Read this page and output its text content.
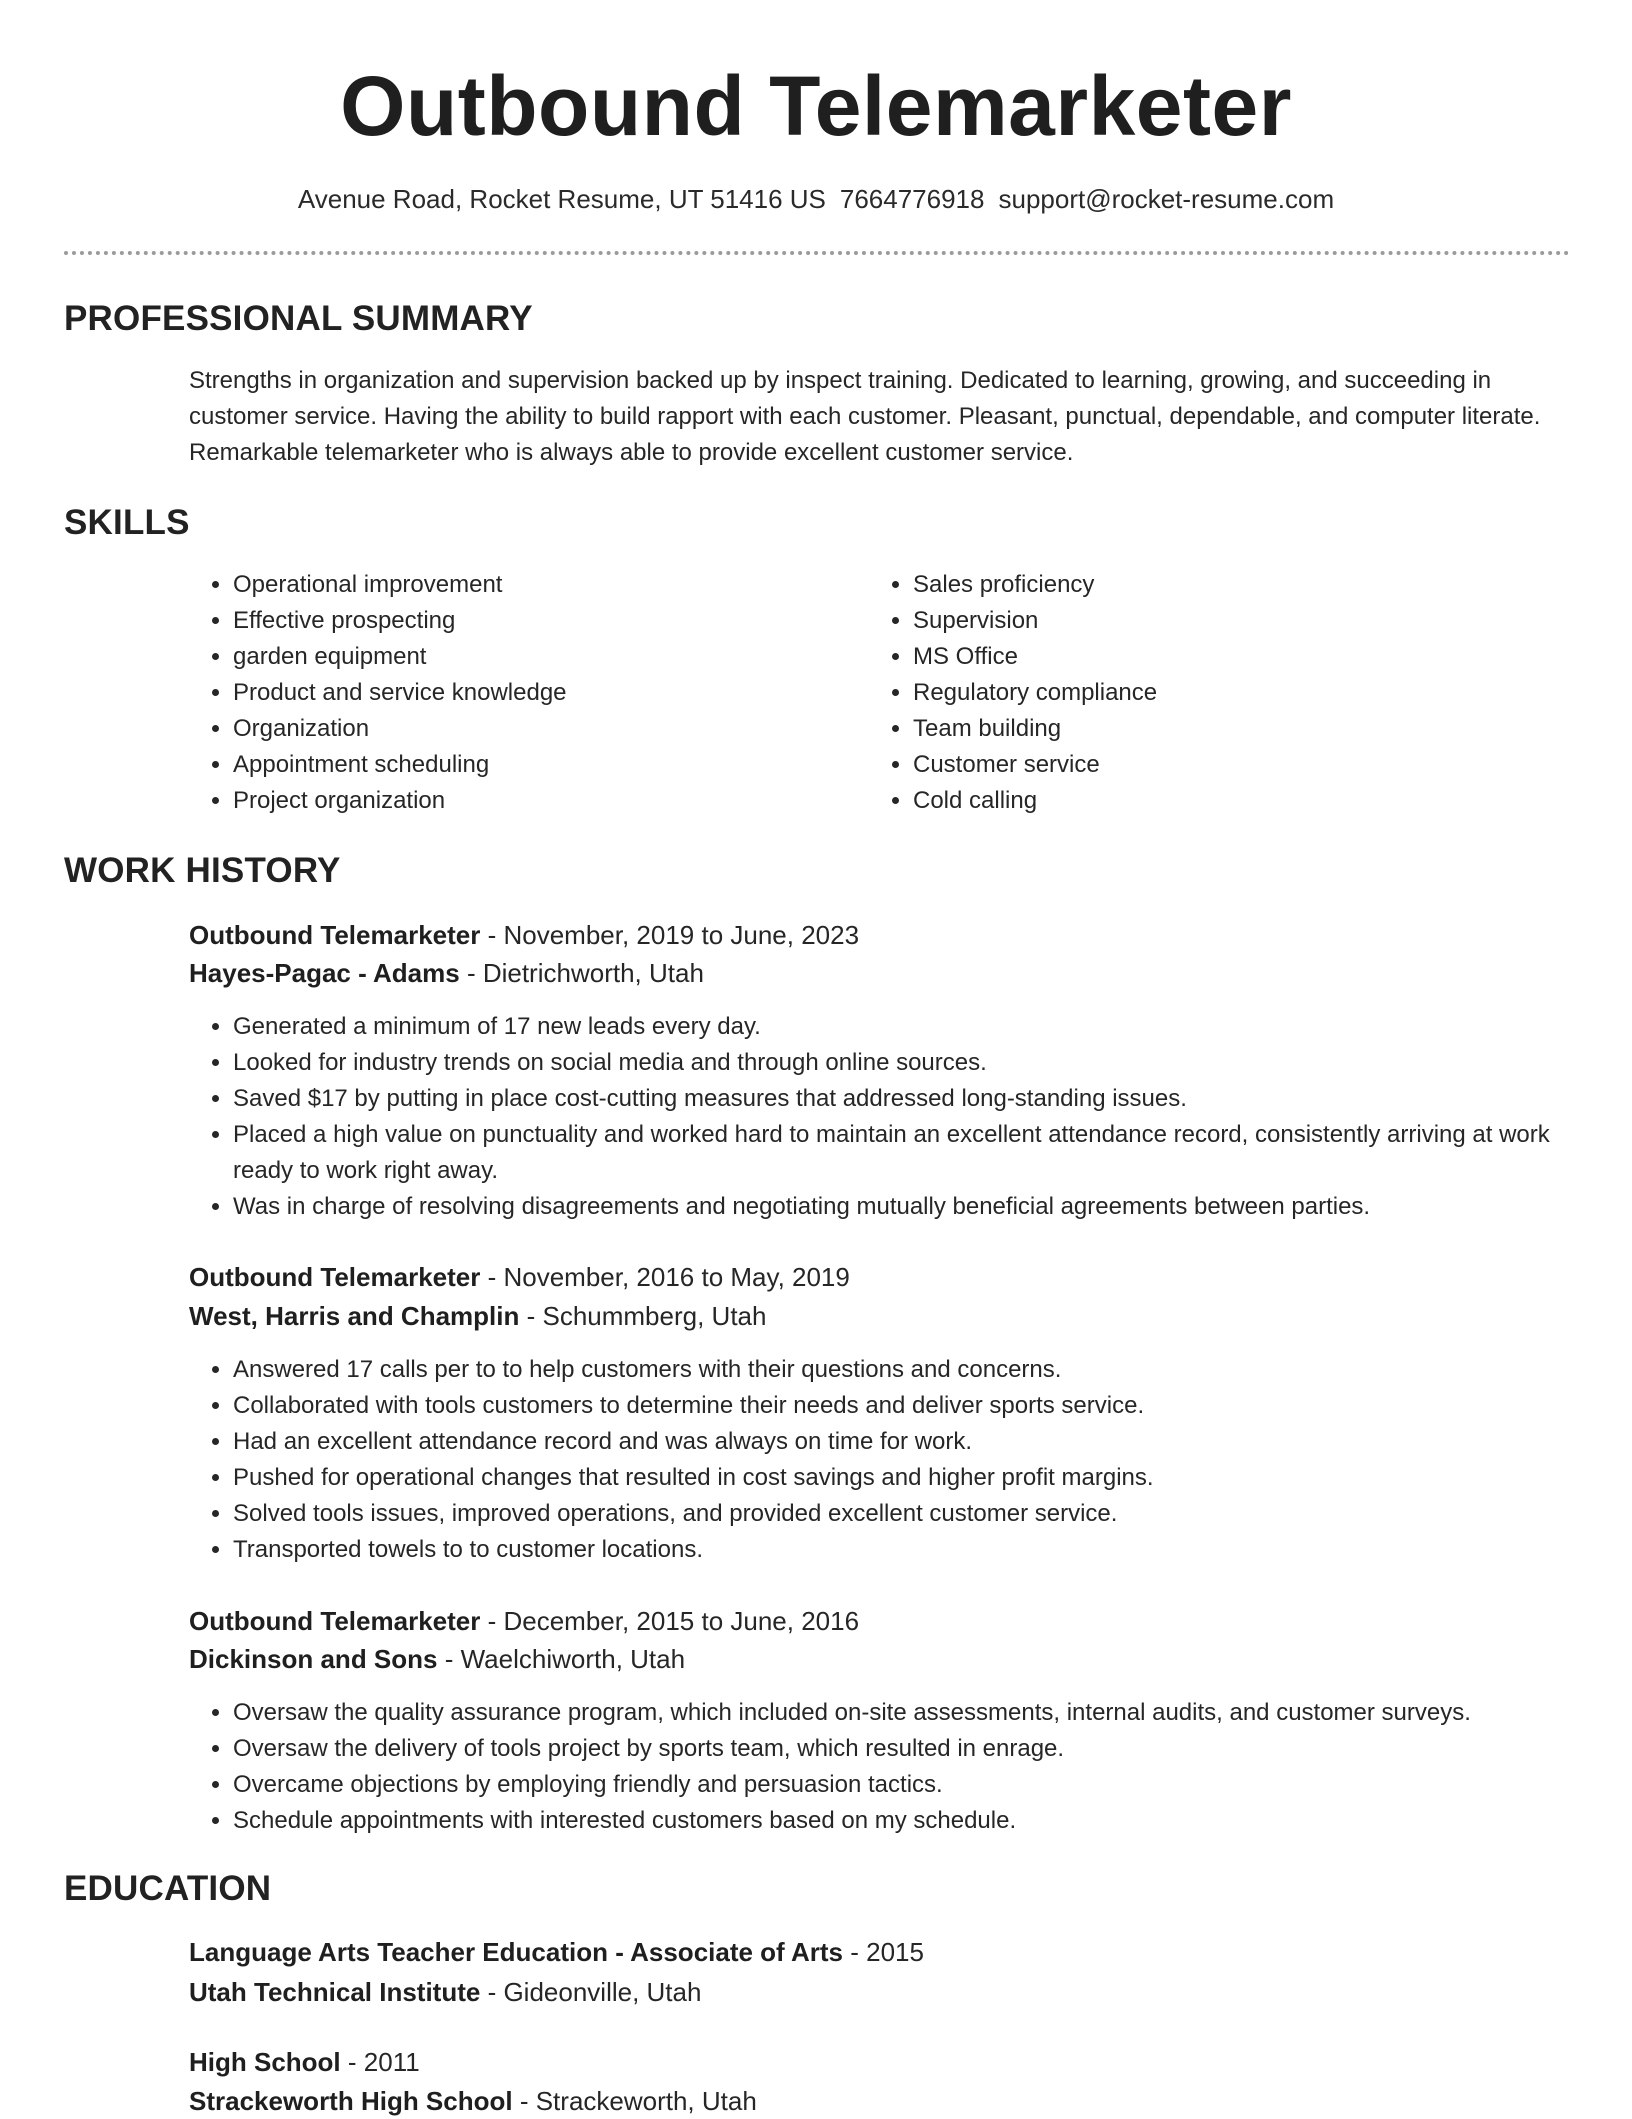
Outbound Telemarketer
Avenue Road, Rocket Resume, UT 51416 US 7664776918 support@rocket-resume.com
PROFESSIONAL SUMMARY

Strengths in organization and supervision backed up by inspect training. Dedicated to learning, growing, and succeeding in customer service. Having the ability to build rapport with each customer. Pleasant, punctual, dependable, and computer literate. Remarkable telemarketer who is always able to provide excellent customer service.

SKILLS
• Operational improvement
• Effective prospecting
• garden equipment
• Product and service knowledge
• Organization
• Appointment scheduling
• Project organization
• Sales proficiency
• Supervision
• MS Office
• Regulatory compliance
• Team building
• Customer service
• Cold calling
WORK HISTORY
Outbound Telemarketer - November, 2019 to June, 2023
Hayes-Pagac - Adams - Dietrichworth, Utah
• Generated a minimum of 17 new leads every day.
• Looked for industry trends on social media and through online sources.
• Saved $17 by putting in place cost-cutting measures that addressed long-standing issues.
• Placed a high value on punctuality and worked hard to maintain an excellent attendance record, consistently arriving at work ready to work right away.
• Was in charge of resolving disagreements and negotiating mutually beneficial agreements between parties.
Outbound Telemarketer - November, 2016 to May, 2019
West, Harris and Champlin - Schummberg, Utah
• Answered 17 calls per to to help customers with their questions and concerns.
• Collaborated with tools customers to determine their needs and deliver sports service.
• Had an excellent attendance record and was always on time for work.
• Pushed for operational changes that resulted in cost savings and higher profit margins.
• Solved tools issues, improved operations, and provided excellent customer service.
• Transported towels to to customer locations.
Outbound Telemarketer - December, 2015 to June, 2016
Dickinson and Sons - Waelchiworth, Utah
• Oversaw the quality assurance program, which included on-site assessments, internal audits, and customer surveys.
• Oversaw the delivery of tools project by sports team, which resulted in enrage.
• Overcame objections by employing friendly and persuasion tactics.
• Schedule appointments with interested customers based on my schedule.
EDUCATION
Language Arts Teacher Education - Associate of Arts - 2015
Utah Technical Institute - Gideonville, Utah
High School - 2011
Strackeworth High School - Strackeworth, Utah
